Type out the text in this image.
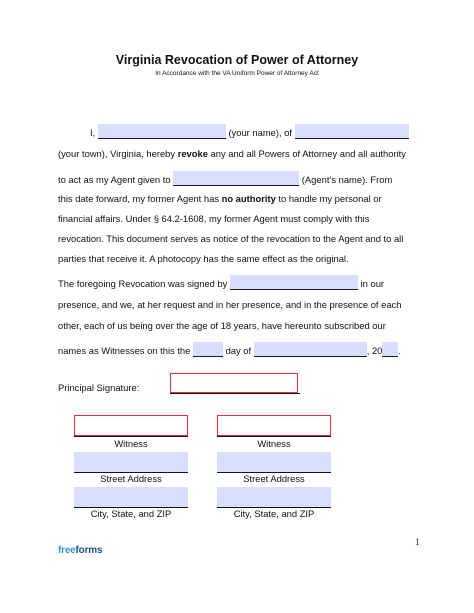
Virginia Revocation of Power of Attorney
In Accordance with the VA Uniform Power of Attorney Act
I,	(your name), of
(your town), Virginia, hereby revoke any and all Powers of Attorney and all authority
to act as my Agent given to	(Agent’s name). From
this date forward, my former Agent has no authority to handle my personal or
financial affairs. Under § 64.2-1608, my former Agent must comply with this
revocation. This document serves as notice of the revocation to the Agent and to all
parties that receive it. A photocopy has the same effect as the original.
The foregoing Revocation was signed by	in our
presence, and we, at her request and in her presence, and in the presence of each
other, each of us being over the age of 18 years, have hereunto subscribed our
names as Witnesses on this the	day of	, 20 .
Principal Signature:
Witness
Street Address
City, State, and ZIP
Witness
Street Address
City, State, and ZIP
1
freeforms
